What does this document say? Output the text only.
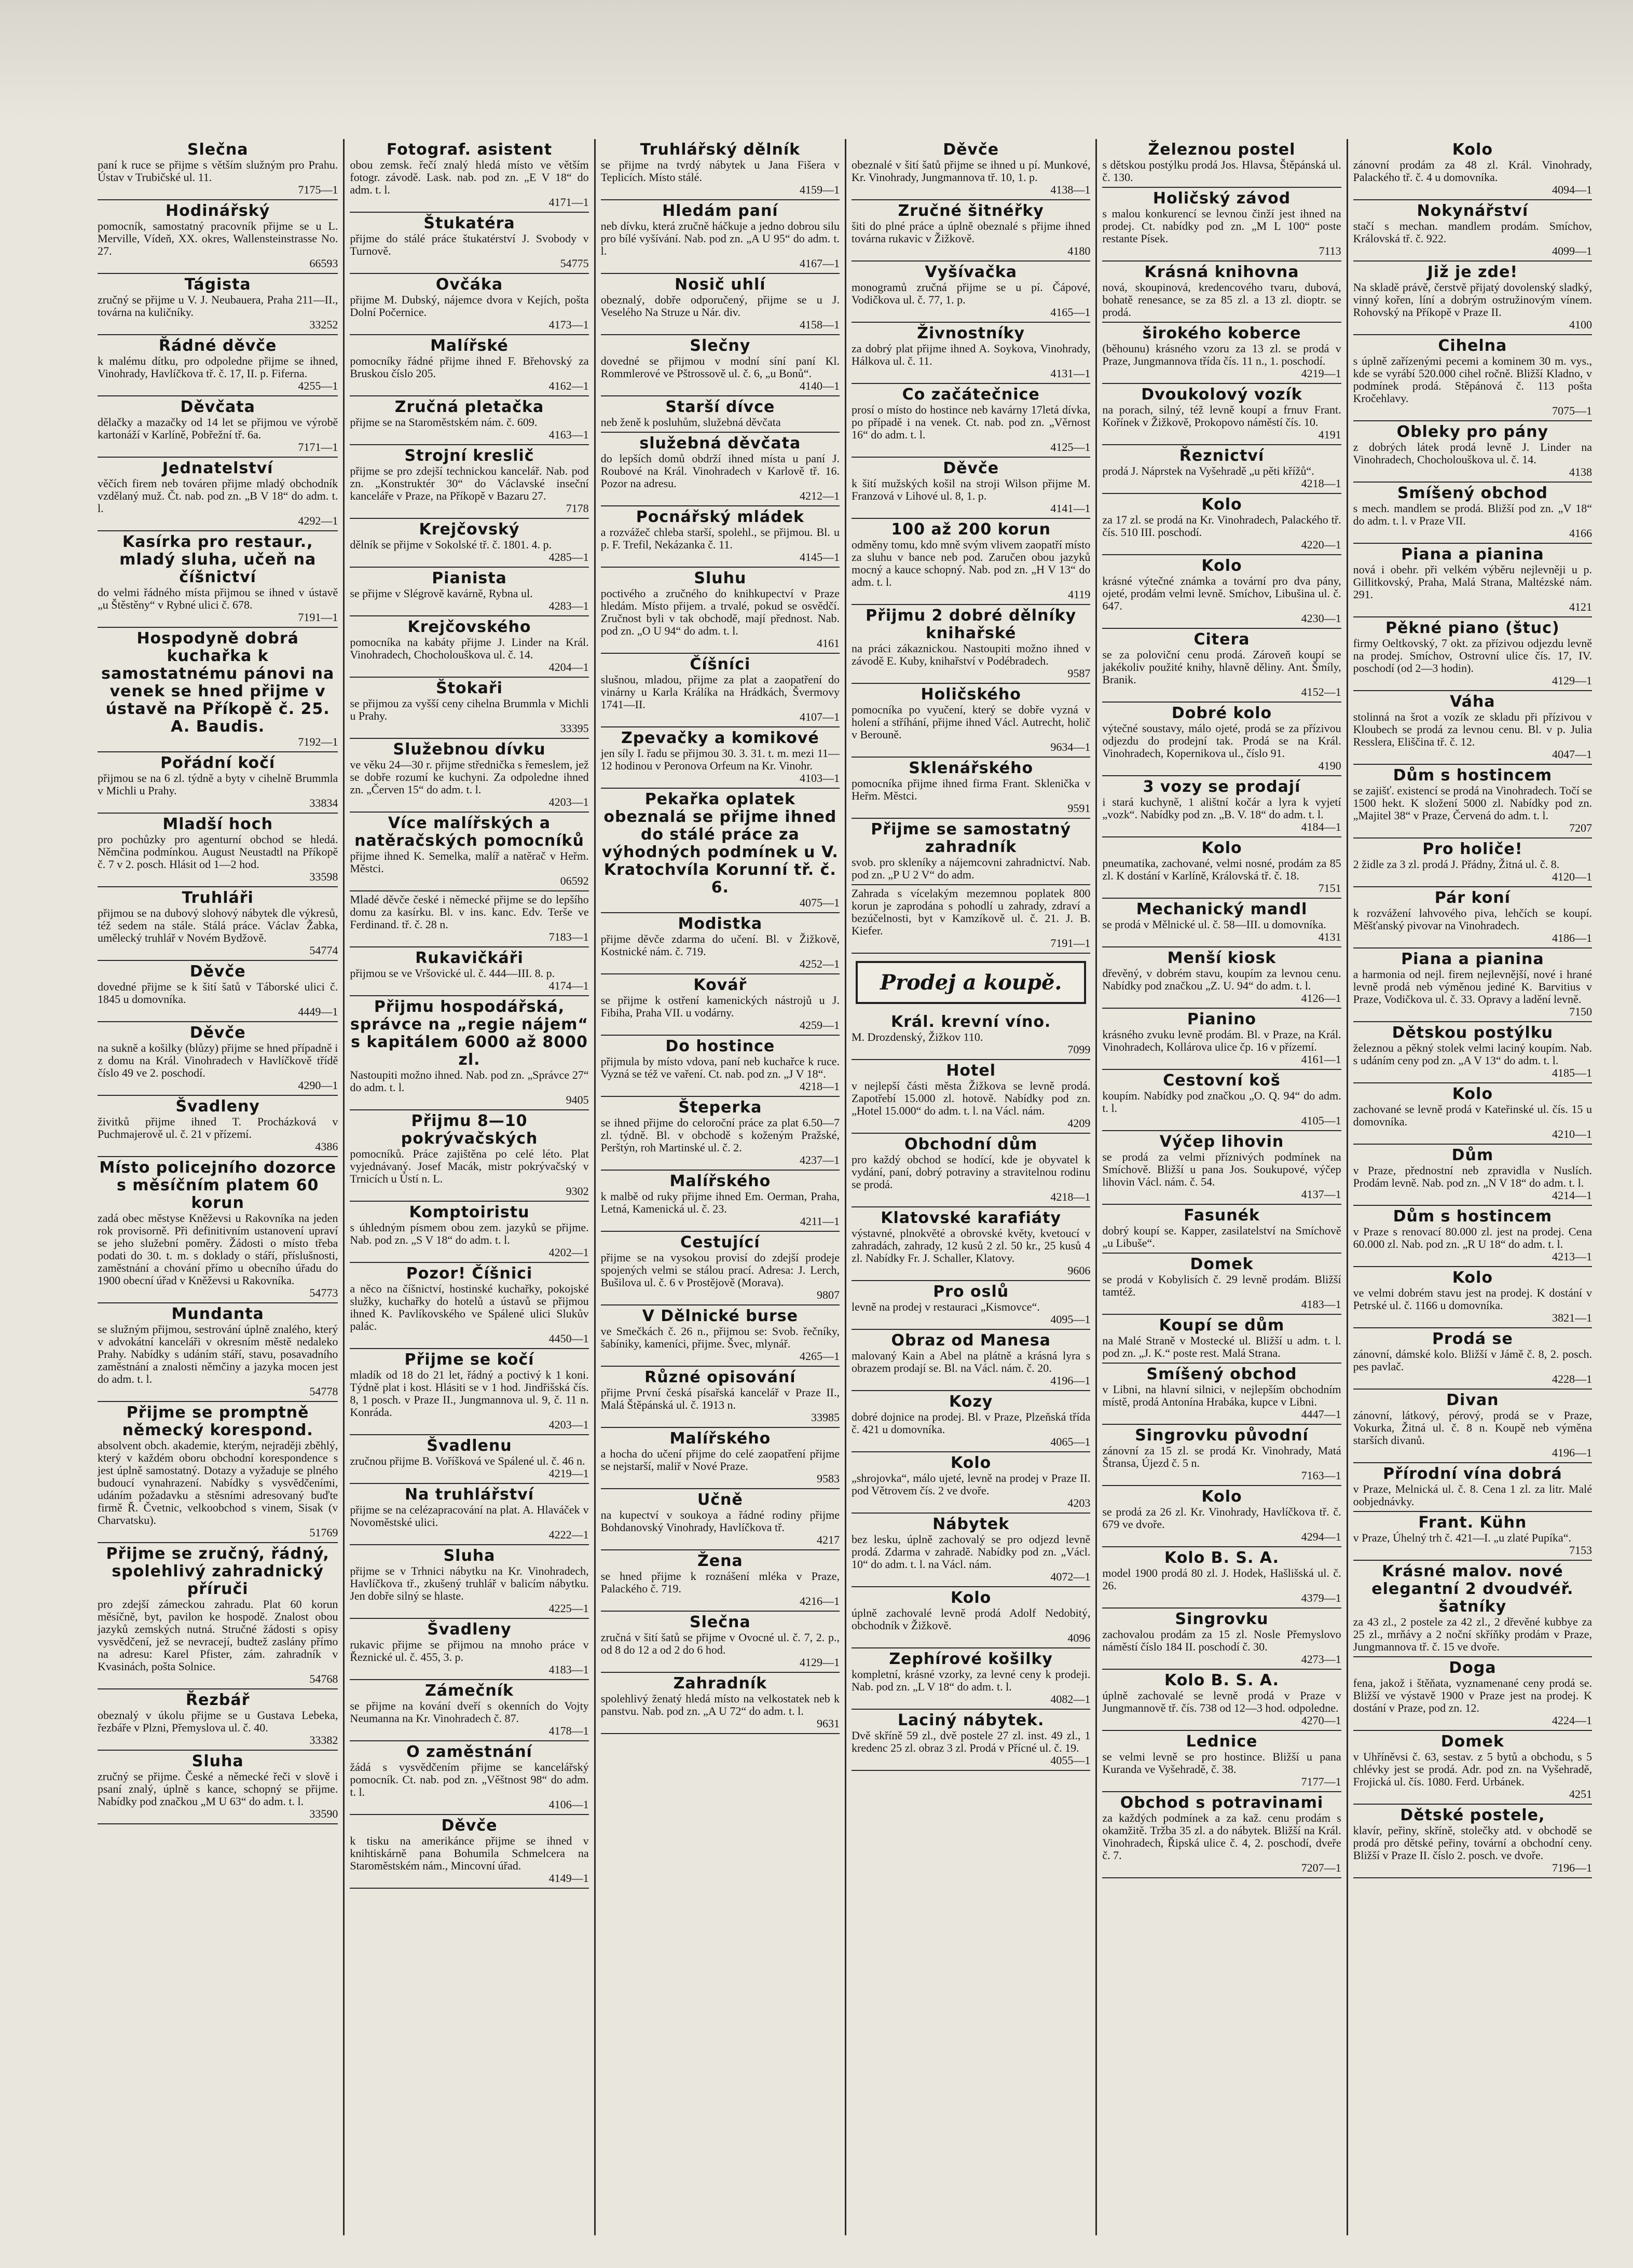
Slečna
paní k ruce se přijme s větším služným pro Prahu. Ústav v Trubičské ul. 11.
7175—1
Hodinářský
pomocník, samostatný pracovník přijme se u L. Merville, Vídeň, XX. okres, Wallensteinstrasse No. 27.
66593
Tágista
zručný se přijme u V. J. Neubauera, Praha 211—II., továrna na kuličníky.
33252
Řádné děvče
k malému dítku, pro odpoledne přijme se ihned, Vinohrady, Havlíčkova tř. č. 17, II. p. Fiferna.
4255—1
Děvčata
dělačky a mazačky od 14 let se přijmou ve výrobě kartonáží v Karlíně, Pobřežní tř. 6a.
7171—1
Jednatelství
věčích firem neb továren přijme mladý obchodník vzdělaný muž. Čt. nab. pod zn. „B V 18“ do adm. t. l.
4292—1
Kasírka pro restaur., mladý sluha, učeň na číšnictví
do velmi řádného místa přijmou se ihned v ústavě „u Štěstěny“ v Rybné ulici č. 678.
7191—1
Hospodyně dobrá kuchařka k samostatnému pánovi na venek se hned přijme v ústavě na Příkopě č. 25. A. Baudis.
7192—1
Pořádní kočí
přijmou se na 6 zl. týdně a byty v cihelně Brummla v Michli u Prahy.
33834
Mladší hoch
pro pochůzky pro agenturní obchod se hledá. Němčina podmínkou. August Neustadtl na Příkopě č. 7 v 2. posch. Hlásit od 1—2 hod.
33598
Truhláři
přijmou se na dubový slohový nábytek dle výkresů, též sedem na stále. Stálá práce. Václav Žabka, umělecký truhlář v Novém Bydžově.
54774
Děvče
dovedné přijme se k šití šatů v Táborské ulici č. 1845 u domovníka.
4449—1
Děvče
na sukně a košilky (blůzy) přijme se hned případně i z domu na Král. Vinohradech v Havlíčkově třídě číslo 49 ve 2. poschodí.
4290—1
Švadleny
živitků přijme ihned T. Procházková v Puchmajerově ul. č. 21 v přízemí.
4386
Místo policejního dozorce s měsíčním platem 60 korun
zadá obec městyse Kněževsi u Rakovníka na jeden rok provisorně. Při definitivním ustanovení upraví se jeho služební poměry. Žádosti o místo třeba podati do 30. t. m. s doklady o stáří, příslušnosti, zaměstnání a chování přímo u obecního úřadu do 1900 obecní úřad v Kněževsi u Rakovníka.
54773
Mundanta
se služným přijmou, sestrování úplně znalého, který v advokátní kanceláři v okresním městě nedaleko Prahy. Nabídky s udáním stáří, stavu, posavadního zaměstnání a znalosti němčiny a jazyka mocen jest do adm. t. l.
54778
Přijme se promptně německý korespond.
absolvent obch. akademie, kterým, nejraději zběhlý, který v každém oboru obchodní korespondence s jest úplně samostatný. Dotazy a vyžaduje se plného budoucí vynahrazení. Nabídky s vysvědčeními, udáním požadavku a stěsními adresovaný buďte firmě Ř. Čvetnic, velkoobchod s vinem, Sisak (v Charvatsku).
51769
Přijme se zručný, řádný, spolehlivý zahradnický příruči
pro zdejší zámeckou zahradu. Plat 60 korun měsíčně, byt, pavilon ke hospodě. Znalost obou jazyků zemských nutná. Stručné žádosti s opisy vysvědčení, jež se nevracejí, budtež zaslány přímo na adresu: Karel Pfister, zám. zahradník v Kvasinách, pošta Solnice.
54768
Řezbář
obeznalý v úkolu přijme se u Gustava Lebeka, řezbáře v Plzni, Přemyslova ul. č. 40.
33382
Sluha
zručný se přijme. České a německé řeči v slově i psaní znalý, úplně s kance, schopný se přijme. Nabídky pod značkou „M U 63“ do adm. t. l.
33590
Fotograf. asistent
obou zemsk. řečí znalý hledá místo ve větším fotogr. závodě. Lask. nab. pod zn. „E V 18“ do adm. t. l.
4171—1
Štukatéra
přijme do stálé práce štukatérství J. Svobody v Turnově.
54775
Ovčáka
přijme M. Dubský, nájemce dvora v Kejích, pošta Dolní Počernice.
4173—1
Malířské
pomocníky řádné přijme ihned F. Břehovský za Bruskou číslo 205.
4162—1
Zručná pletačka
přijme se na Staroměstském nám. č. 609.
4163—1
Strojní kreslič
přijme se pro zdejší technickou kancelář. Nab. pod zn. „Konstruktér 30“ do Václavské inseční kanceláře v Praze, na Příkopě v Bazaru 27.
7178
Krejčovský
dělník se přijme v Sokolské tř. č. 1801. 4. p.
4285—1
Pianista
se přijme v Slégrově kavárně, Rybna ul.
4283—1
Krejčovského
pomocníka na kabáty přijme J. Linder na Král. Vinohradech, Chocholouškova ul. č. 14.
4204—1
Štokaři
se přijmou za vyšší ceny cihelna Brummla v Michli u Prahy.
33395
Služebnou dívku
ve věku 24—30 r. přijme střednička s řemeslem, jež se dobře rozumí ke kuchyni. Za odpoledne ihned zn. „Červen 15“ do adm. t. l.
4203—1
Více malířských a natěračských pomocníků
přijme ihned K. Semelka, malíř a natěrač v Heřm. Městci.
06592
Mladé děvče české i německé přijme se do lepšího domu za kasírku. Bl. v ins. kanc. Edv. Terše ve Ferdinand. tř. č. 28 n.
7183—1
Rukavičkáři
přijmou se ve Vršovické ul. č. 444—III. 8. p.
4174—1
Přijmu hospodářská, správce na „regie nájem“ s kapitálem 6000 až 8000 zl.
Nastoupiti možno ihned. Nab. pod zn. „Správce 27“ do adm. t. l.
9405
Přijmu 8—10 pokrývačských
pomocníků. Práce zajištěna po celé léto. Plat vyjednávaný. Josef Macák, mistr pokrývačský v Trnicích u Ústí n. L.
9302
Komptoiristu
s úhledným písmem obou zem. jazyků se přijme. Nab. pod zn. „S V 18“ do adm. t. l.
4202—1
Pozor! Číšnici
a něco na číšnictví, hostinské kuchařky, pokojské služky, kuchařky do hotelů a ústavů se přijmou ihned K. Pavlíkovského ve Spálené ulici Slukův palác.
4450—1
Přijme se kočí
mladík od 18 do 21 let, řádný a poctivý k 1 koni. Týdně plat i kost. Hlásiti se v 1 hod. Jindřišská čís. 8, 1 posch. v Praze II., Jungmannova ul. 9, č. 11 n. Konráda.
4203—1
Švadlenu
zručnou přijme B. Voříšková ve Spálené ul. č. 46 n.
4219—1
Na truhlářství
přijme se na celézapracování na plat. A. Hlaváček v Novoměstské ulici.
4222—1
Sluha
přijme se v Trhnici nábytku na Kr. Vinohradech, Havlíčkova tř., zkušený truhlář v balicím nábytku. Jen dobře silný se hlaste.
4225—1
Švadleny
rukavic přijme se přijmou na mnoho práce v Řeznické ul. č. 455, 3. p.
4183—1
Zámečník
se přijme na kování dveří s okenních do Vojty Neumanna na Kr. Vinohradech č. 87.
4178—1
O zaměstnání
žádá s vysvědčením přijme se kancelářský pomocník. Ct. nab. pod zn. „Věštnost 98“ do adm. t. l.
4106—1
Děvče
k tisku na amerikánce přijme se ihned v knihtiskárně pana Bohumila Schmelcera na Staroměstském nám., Mincovní úřad.
4149—1
Truhlářský dělník
se přijme na tvrdý nábytek u Jana Fišera v Teplicích. Místo stálé.
4159—1
Hledám paní
neb dívku, která zručně háčkuje a jedno dobrou silu pro bílé vyšívání. Nab. pod zn. „A U 95“ do adm. t. l.
4167—1
Nosič uhlí
obeznalý, dobře odporučený, přijme se u J. Veselého Na Struze u Nár. div.
4158—1
Slečny
dovedné se přijmou v modní síní paní Kl. Rommlerové ve Pštrossově ul. č. 6, „u Bonů“.
4140—1
Starší dívce
neb ženě k posluhům, služebná děvčata
služebná děvčata
do lepších domů obdrží ihned místa u paní J. Roubové na Král. Vinohradech v Karlově tř. 16. Pozor na adresu.
4212—1
Pocnářský mládek
a rozvážeč chleba starší, spolehl., se přijmou. Bl. u p. F. Trefil, Nekázanka č. 11.
4145—1
Sluhu
poctivého a zručného do knihkupectví v Praze hledám. Místo přijem. a trvalé, pokud se osvědčí. Zručnost byli v tak obchodě, mají přednost. Nab. pod zn. „O U 94“ do adm. t. l.
4161
Číšníci
slušnou, mladou, přijme za plat a zaopatření do vinárny u Karla Králíka na Hrádkách, Švermovy 1741—II.
4107—1
Zpevačky a komikové
jen síly I. řadu se přijmou 30. 3. 31. t. m. mezi 11—12 hodinou v Peronova Orfeum na Kr. Vinohr.
4103—1
Pekařka oplatek obeznalá se přijme ihned do stálé práce za výhodných podmínek u V. Kratochvíla Korunní tř. č. 6.
4075—1
Modistka
přijme děvče zdarma do učení. Bl. v Žižkově, Kostnické nám. č. 719.
4252—1
Kovář
se přijme k ostření kamenických nástrojů u J. Fibiha, Praha VII. u vodárny.
4259—1
Do hostince
přijmula by místo vdova, paní neb kuchařce k ruce. Vyzná se též ve vaření. Ct. nab. pod zn. „J V 18“.
4218—1
Šteperka
se ihned přijme do celoroční práce za plat 6.50—7 zl. týdně. Bl. v obchodě s koženým Pražské, Perštýn, roh Martinské ul. č. 2.
4237—1
Malířského
k malbě od ruky přijme ihned Em. Oerman, Praha, Letná, Kamenická ul. č. 23.
4211—1
Cestující
přijme se na vysokou provisí do zdejší prodeje spojených velmi se stálou prací. Adresa: J. Lerch, Bušilova ul. č. 6 v Prostějově (Morava).
9807
V Dělnické burse
ve Smečkách č. 26 n., přijmou se: Svob. řečníky, šabíniky, kameníci, přijme. Švec, mlynář.
4265—1
Různé opisování
přijme První česká písařská kancelář v Praze II., Malá Štěpánská ul. č. 1913 n.
33985
Malířského
a hocha do učení přijme do celé zaopatření přijme se nejstarší, maliř v Nové Praze.
9583
Učně
na kupectví v soukoya a řádné rodiny přijme Bohdanovský Vinohrady, Havlíčkova tř.
4217
Žena
se hned přijme k roznášení mléka v Praze, Palackého č. 719.
4216—1
Slečna
zručná v šití šatů se přijme v Ovocné ul. č. 7, 2. p., od 8 do 12 a od 2 do 6 hod.
4129—1
Zahradník
spolehlivý ženatý hledá místo na velkostatek neb k panstvu. Nab. pod zn. „A U 72“ do adm. t. l.
9631
Děvče
obeznalé v šití šatů přijme se ihned u pí. Munkové, Kr. Vinohrady, Jungmannova tř. 10, 1. p.
4138—1
Zručné šitnéřky
šiti do plné práce a úplně obeznalé s přijme ihned továrna rukavic v Žižkově.
4180
Vyšívačka
monogramů zručná přijme se u pí. Čápové, Vodičkova ul. č. 77, 1. p.
4165—1
Živnostníky
za dobrý plat přijme ihned A. Soykova, Vinohrady, Hálkova ul. č. 11.
4131—1
Co začátečnice
prosí o místo do hostince neb kavárny 17letá dívka, po případě i na venek. Ct. nab. pod zn. „Věrnost 16“ do adm. t. l.
4125—1
Děvče
k šití mužských košil na stroji Wilson přijme M. Franzová v Lihové ul. 8, 1. p.
4141—1
100 až 200 korun
odměny tomu, kdo mně svým vlivem zaopatří místo za sluhu v bance neb pod. Zaručen obou jazyků mocný a kauce schopný. Nab. pod zn. „H V 13“ do adm. t. l.
4119
Přijmu 2 dobré dělníky knihařské
na práci zákaznickou. Nastoupiti možno ihned v závodě E. Kuby, knihařství v Podébradech.
9587
Holičského
pomocníka po vyučení, který se dobře vyzná v holení a stříhání, přijme ihned Václ. Autrecht, holič v Berouně.
9634—1
Sklenářského
pomocníka přijme ihned firma Frant. Sklenička v Heřm. Městci.
9591
Přijme se samostatný zahradník
svob. pro skleníky a nájemcovni zahradnictví. Nab. pod zn. „P U 2 V“ do adm.
Zahrada s vícelakým mezemnou poplatek 800 korun je zaprodána s pohodlí u zahrady, zdraví a bezúčelnosti, byt v Kamzíkově ul. č. 21. J. B. Kiefer.
7191—1
Prodej a koupě.
Král. krevní víno.
M. Drozdenský, Žižkov 110.
7099
Hotel
v nejlepší části města Žižkova se levně prodá. Zapotřebí 15.000 zl. hotově. Nabídky pod zn. „Hotel 15.000“ do adm. t. l. na Václ. nám.
4209
Obchodní dům
pro každý obchod se hodící, kde je obyvatel k vydání, paní, dobrý potraviny a stravitelnou rodinu se prodá.
4218—1
Klatovské karafiáty
výstavné, plnokvěté a obrovské květy, kvetoucí v zahradách, zahrady, 12 kusů 2 zl. 50 kr., 25 kusů 4 zl. Nabídky Fr. J. Schaller, Klatovy.
9606
Pro oslů
levně na prodej v restauraci „Kismovce“.
4095—1
Obraz od Manesa
malovaný Kain a Abel na plátně a krásná lyra s obrazem prodají se. Bl. na Václ. nám. č. 20.
4196—1
Kozy
dobré dojnice na prodej. Bl. v Praze, Plzeňská třída č. 421 u domovníka.
4065—1
Kolo
„shrojovka“, málo ujeté, levně na prodej v Praze II. pod Větrovem čís. 2 ve dvoře.
4203
Nábytek
bez lesku, úplně zachovalý se pro odjezd levně prodá. Zdarma v zahradě. Nabídky pod zn. „Václ. 10“ do adm. t. l. na Václ. nám.
4072—1
Kolo
úplně zachovalé levně prodá Adolf Nedobitý, obchodník v Žižkově.
4096
Zephírové košilky
kompletní, krásné vzorky, za levné ceny k prodeji. Nab. pod zn. „L V 18“ do adm. t. l.
4082—1
Laciný nábytek.
Dvě skříně 59 zl., dvě postele 27 zl. inst. 49 zl., 1 kredenc 25 zl. obraz 3 zl. Prodá v Přícné ul. č. 19.
4055—1
Železnou postel
s dětskou postýlku prodá Jos. Hlavsa, Štěpánská ul. č. 130.
Holičský závod
s malou konkurencí se levnou činží jest ihned na prodej. Ct. nabídky pod zn. „M L 100“ poste restante Písek.
7113
Krásná knihovna
nová, skoupinová, kredencového tvaru, dubová, bohatě renesance, se za 85 zl. a 13 zl. dioptr. se prodá.
širokého koberce
(běhounu) krásného vzoru za 13 zl. se prodá v Praze, Jungmannova třída čís. 11 n., 1. poschodí.
4219—1
Dvoukolový vozík
na porach, silný, též levně koupí a frnuv Frant. Kořínek v Žižkově, Prokopovo náměstí čís. 10.
4191
Řeznictví
prodá J. Náprstek na Vyšehradě „u pěti křížů“.
4218—1
Kolo
za 17 zl. se prodá na Kr. Vinohradech, Palackého tř. čís. 510 III. poschodí.
4220—1
Kolo
krásné výtečné známka a tovární pro dva pány, ojeté, prodám velmi levně. Smíchov, Libušina ul. č. 647.
4230—1
Citera
se za poloviční cenu prodá. Zároveň koupí se jakékoliv použité knihy, hlavně děliny. Ant. Šmíly, Branik.
4152—1
Dobré kolo
výtečné soustavy, málo ojeté, prodá se za přízivou odjezdu do prodejní tak. Prodá se na Král. Vinohradech, Kopernikova ul., číslo 91.
4190
3 vozy se prodají
i stará kuchyně, 1 alištní kočár a lyra k vyjetí „vozk“. Nabídky pod zn. „B. V. 18“ do adm. t. l.
4184—1
Kolo
pneumatika, zachované, velmi nosné, prodám za 85 zl. K dostání v Karlíně, Královská tř. č. 18.
7151
Mechanický mandl
se prodá v Mělnické ul. č. 58—III. u domovníka.
4131
Menší kiosk
dřevěný, v dobrém stavu, koupím za levnou cenu. Nabídky pod značkou „Z. U. 94“ do adm. t. l.
4126—1
Pianino
krásného zvuku levně prodám. Bl. v Praze, na Král. Vinohradech, Kollárova ulice čp. 16 v přízemí.
4161—1
Cestovní koš
koupím. Nabídky pod značkou „O. Q. 94“ do adm. t. l.
4105—1
Výčep lihovin
se prodá za velmi příznivých podmínek na Smíchově. Bližší u pana Jos. Soukupové, výčep lihovin Václ. nám. č. 54.
4137—1
Fasunék
dobrý koupí se. Kapper, zasilatelství na Smíchově „u Libuše“.
Domek
se prodá v Kobylisích č. 29 levně prodám. Bližší tamtéž.
4183—1
Koupí se dům
na Malé Straně v Mostecké ul. Bližší u adm. t. l. pod zn. „J. K.“ poste rest. Malá Strana.
Smíšený obchod
v Libni, na hlavní silnici, v nejlepším obchodním místě, prodá Antonína Hrabáka, kupce v Libni.
4447—1
Singrovku původní
zánovní za 15 zl. se prodá Kr. Vinohrady, Matá Štransa, Újezd č. 5 n.
7163—1
Kolo
se prodá za 26 zl. Kr. Vinohrady, Havlíčkova tř. č. 679 ve dvoře.
4294—1
Kolo B. S. A.
model 1900 prodá 80 zl. J. Hodek, Hašlišská ul. č. 26.
4379—1
Singrovku
zachovalou prodám za 15 zl. Nosle Přemyslovo náměstí číslo 184 II. poschodí č. 30.
4273—1
Kolo B. S. A.
úplně zachovalé se levně prodá v Praze v Jungmannově tř. čís. 738 od 12—3 hod. odpoledne.
4270—1
Lednice
se velmi levně se pro hostince. Bližší u pana Kuranda ve Vyšehradě, č. 38.
7177—1
Obchod s potravinami
za každých podmínek a za kaž. cenu prodám s okamžitě. Tržba 35 zl. a do nábytek. Bližší na Král. Vinohradech, Řipská ulice č. 4, 2. poschodí, dveře č. 7.
7207—1
Kolo
zánovní prodám za 48 zl. Král. Vinohrady, Palackého tř. č. 4 u domovníka.
4094—1
Nokynářství
stačí s mechan. mandlem prodám. Smíchov, Královská tř. č. 922.
4099—1
Již je zde!
Na skladě právě, čerstvě přijatý dovolenský sladký, vinný kořen, líní a dobrým ostružinovým vínem. Rohovský na Příkopě v Praze II.
4100
Cihelna
s úplně zařízenými pecemi a kominem 30 m. vys., kde se vyrábí 520.000 cihel ročně. Bližší Kladno, v podmínek prodá. Stěpánová č. 113 pošta Kročehlavy.
7075—1
Obleky pro pány
z dobrých látek prodá levně J. Linder na Vinohradech, Chocholouškova ul. č. 14.
4138
Smíšený obchod
s mech. mandlem se prodá. Bližší pod zn. „V 18“ do adm. t. l. v Praze VII.
4166
Piana a pianina
nová i obehr. při velkém výběru nejlevněji u p. Gillitkovský, Praha, Malá Strana, Maltézské nám. 291.
4121
Pěkné piano (štuc)
firmy Oeltkovský, 7 okt. za přízivou odjezdu levně na prodej. Smíchov, Ostrovní ulice čís. 17, IV. poschodí (od 2—3 hodin).
4129—1
Váha
stolinná na šrot a vozík ze skladu při přízivou v Kloubech se prodá za levnou cenu. Bl. v p. Julia Resslera, Eliščina tř. č. 12.
4047—1
Dům s hostincem
se zajišť. existencí se prodá na Vinohradech. Točí se 1500 hekt. K složení 5000 zl. Nabídky pod zn. „Majitel 38“ v Praze, Červená do adm. t. l.
7207
Pro holiče!
2 židle za 3 zl. prodá J. Přádny, Žitná ul. č. 8.
4120—1
Pár koní
k rozvážení lahvového piva, lehčích se koupí. Měšťanský pivovar na Vinohradech.
4186—1
Piana a pianina
a harmonia od nejl. firem nejlevnější, nové i hrané levně prodá neb výměnou jediné K. Barvitius v Praze, Vodičkova ul. č. 33. Opravy a ladění levně.
7150
Dětskou postýlku
železnou a pěkný stolek velmi laciný koupím. Nab. s udáním ceny pod zn. „A V 13“ do adm. t. l.
4185—1
Kolo
zachované se levně prodá v Kateřinské ul. čís. 15 u domovníka.
4210—1
Dům
v Praze, přednostní neb zpravidla v Nuslích. Prodám levně. Nab. pod zn. „N V 18“ do adm. t. l.
4214—1
Dům s hostincem
v Praze s renovací 80.000 zl. jest na prodej. Cena 60.000 zl. Nab. pod zn. „R U 18“ do adm. t. l.
4213—1
Kolo
ve velmi dobrém stavu jest na prodej. K dostání v Petrské ul. č. 1166 u domovníka.
3821—1
Prodá se
zánovní, dámské kolo. Bližší v Jámě č. 8, 2. posch. pes pavlač.
4228—1
Divan
zánovní, látkový, pérový, prodá se v Praze, Vokurka, Žitná ul. č. 8 n. Koupě neb výměna starších divanů.
4196—1
Přírodní vína dobrá
v Praze, Melnická ul. č. 8. Cena 1 zl. za litr. Malé oobjednávky.
Frant. Kühn
v Praze, Úhelný trh č. 421—I. „u zlaté Pupíka“.
7153
Krásné malov. nové elegantní 2 dvoudvéř. šatníky
za 43 zl., 2 postele za 42 zl., 2 dřevěné kubbye za 25 zl., mrňávy a 2 noční skříňky prodám v Praze, Jungmannova tř. č. 15 ve dvoře.
Doga
fena, jakož i štěňata, vyznamenané ceny prodá se. Bližší ve výstavě 1900 v Praze jest na prodej. K dostání v Praze, pod zn. 12.
4224—1
Domek
v Uhříněvsi č. 63, sestav. z 5 bytů a obchodu, s 5 chlévky jest se prodá. Adr. pod zn. na Vyšehradě, Frojická ul. čís. 1080. Ferd. Urbánek.
4251
Dětské postele,
klavír, peřiny, skříně, stolečky atd. v obchodě se prodá pro dětské peřiny, tovární a obchodní ceny. Bližší v Praze II. číslo 2. posch. ve dvoře.
7196—1
